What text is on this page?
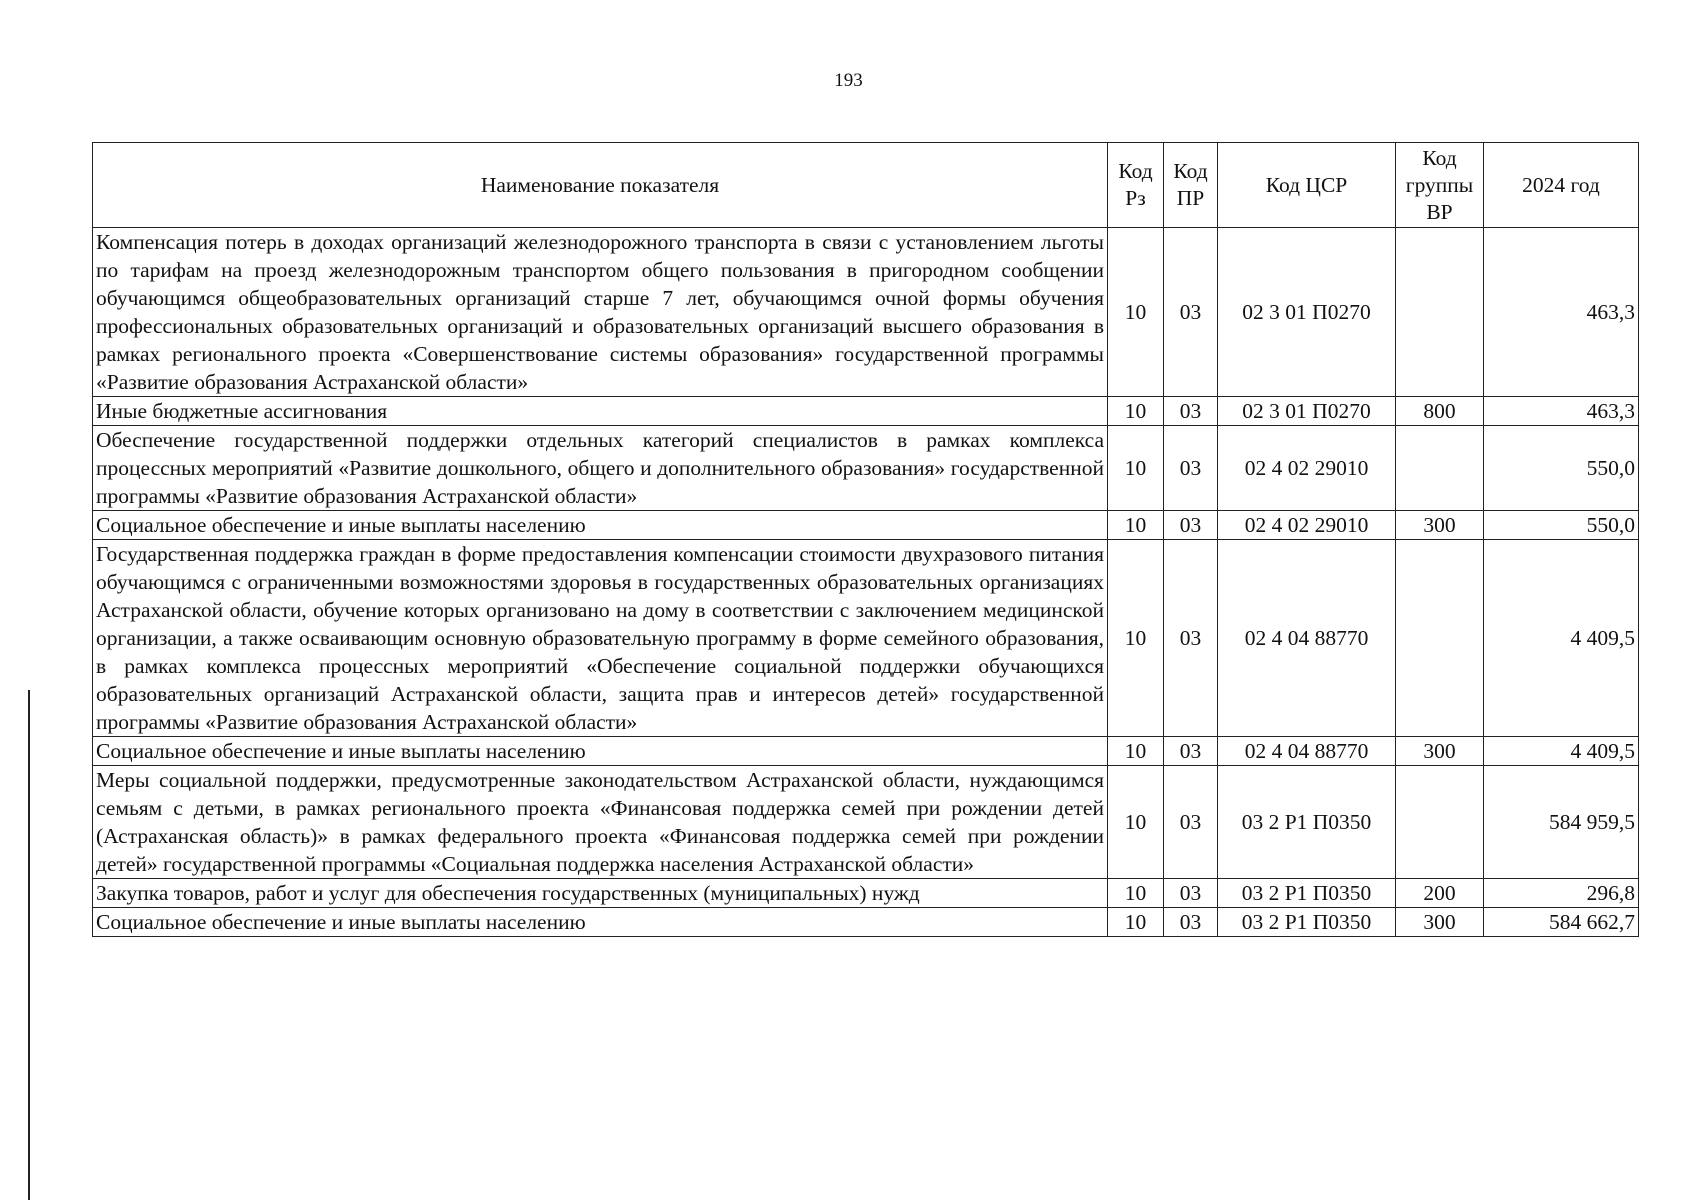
193
Наименование показателя	Код Рз	Код ПР	Код ЦСР	Код группы ВР	2024 год
Компенсация потерь в доходах организаций железнодорожного транспорта в связи с установлением льготы по тарифам на проезд железнодорожным транспортом общего пользования в пригородном сообщении обучающимся общеобразовательных организаций старше 7 лет, обучающимся очной формы обучения профессиональных образовательных организаций и образовательных организаций высшего образования в рамках регионального проекта «Совершенствование системы образования» государственной программы «Развитие образования Астраханской области»	10	03	02 3 01 П0270		463,3
Иные бюджетные ассигнования	10	03	02 3 01 П0270	800	463,3
Обеспечение государственной поддержки отдельных категорий специалистов в рамках комплекса процессных мероприятий «Развитие дошкольного, общего и дополнительного образования» государственной программы «Развитие образования Астраханской области»	10	03	02 4 02 29010		550,0
Социальное обеспечение и иные выплаты населению	10	03	02 4 02 29010	300	550,0
Государственная поддержка граждан в форме предоставления компенсации стоимости двухразового питания обучающимся с ограниченными возможностями здоровья в государственных образовательных организациях Астраханской области, обучение которых организовано на дому в соответствии с заключением медицинской организации, а также осваивающим основную образовательную программу в форме семейного образования, в рамках комплекса процессных мероприятий «Обеспечение социальной поддержки обучающихся образовательных организаций Астраханской области, защита прав и интересов детей» государственной программы «Развитие образования Астраханской области»	10	03	02 4 04 88770		4 409,5
Социальное обеспечение и иные выплаты населению	10	03	02 4 04 88770	300	4 409,5
Меры социальной поддержки, предусмотренные законодательством Астраханской области, нуждающимся семьям с детьми, в рамках регионального проекта «Финансовая поддержка семей при рождении детей (Астраханская область)» в рамках федерального проекта «Финансовая поддержка семей при рождении детей» государственной программы «Социальная поддержка населения Астраханской области»	10	03	03 2 Р1 П0350		584 959,5
Закупка товаров, работ и услуг для обеспечения государственных (муниципальных) нужд	10	03	03 2 Р1 П0350	200	296,8
Социальное обеспечение и иные выплаты населению	10	03	03 2 Р1 П0350	300	584 662,7
